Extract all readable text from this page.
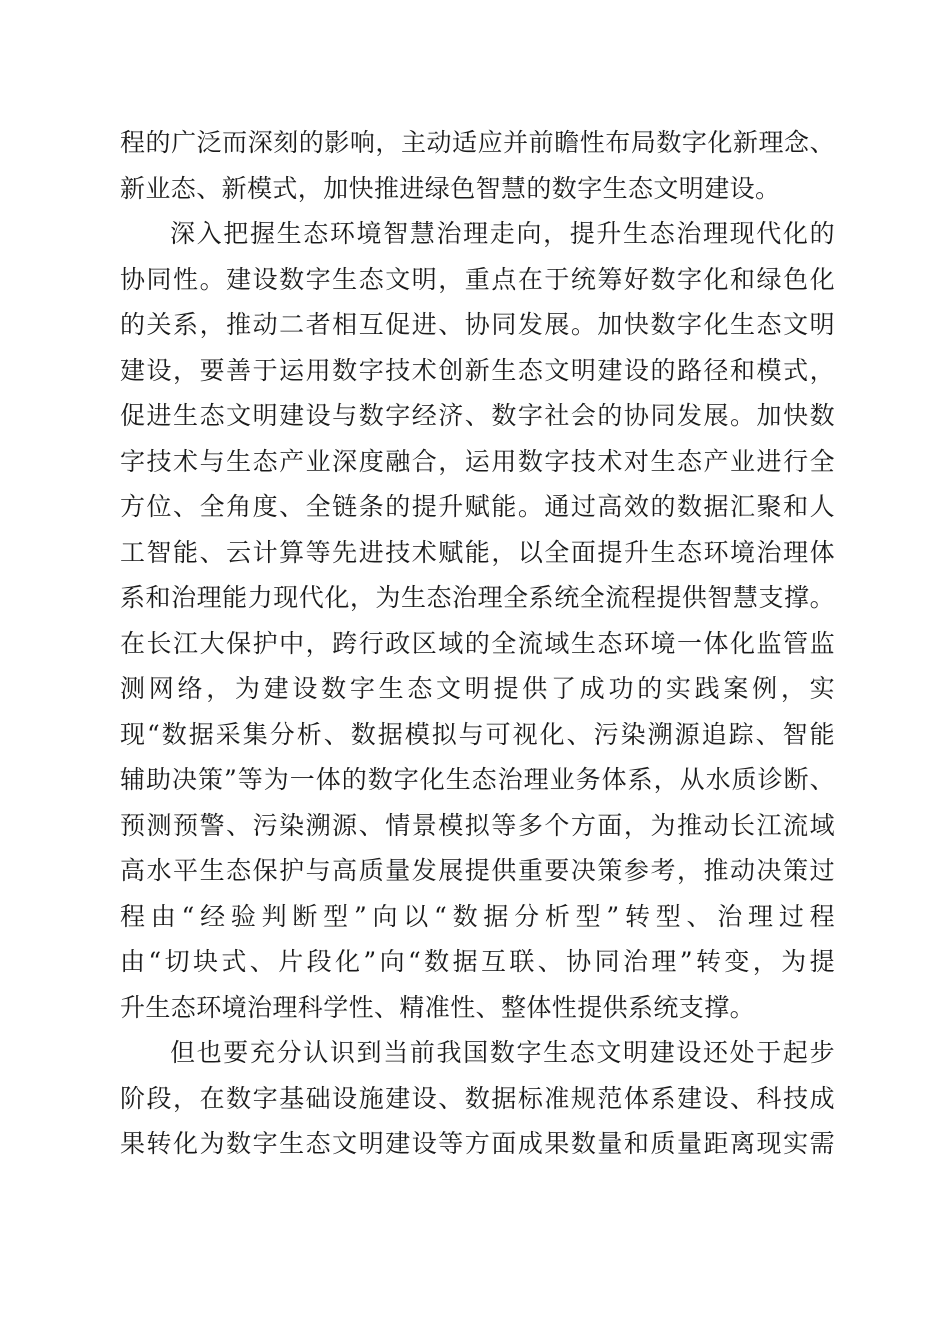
程的广泛而深刻的影响，主动适应并前瞻性布局数字化新理念、
新业态、新模式，加快推进绿色智慧的数字生态文明建设。
深入把握生态环境智慧治理走向，提升生态治理现代化的
协同性。建设数字生态文明，重点在于统筹好数字化和绿色化
的关系，推动二者相互促进、协同发展。加快数字化生态文明
建设，要善于运用数字技术创新生态文明建设的路径和模式，
促进生态文明建设与数字经济、数字社会的协同发展。加快数
字技术与生态产业深度融合，运用数字技术对生态产业进行全
方位、全角度、全链条的提升赋能。通过高效的数据汇聚和人
工智能、云计算等先进技术赋能，以全面提升生态环境治理体
系和治理能力现代化，为生态治理全系统全流程提供智慧支撑。
在长江大保护中，跨行政区域的全流域生态环境一体化监管监
测网络，为建设数字生态文明提供了成功的实践案例，实
现“数据采集分析、数据模拟与可视化、污染溯源追踪、智能
辅助决策”等为一体的数字化生态治理业务体系，从水质诊断、
预测预警、污染溯源、情景模拟等多个方面，为推动长江流域
高水平生态保护与高质量发展提供重要决策参考，推动决策过
程由“经验判断型”向以“数据分析型”转型、治理过程
由“切块式、片段化”向“数据互联、协同治理”转变，为提
升生态环境治理科学性、精准性、整体性提供系统支撑。
但也要充分认识到当前我国数字生态文明建设还处于起步
阶段，在数字基础设施建设、数据标准规范体系建设、科技成
果转化为数字生态文明建设等方面成果数量和质量距离现实需
